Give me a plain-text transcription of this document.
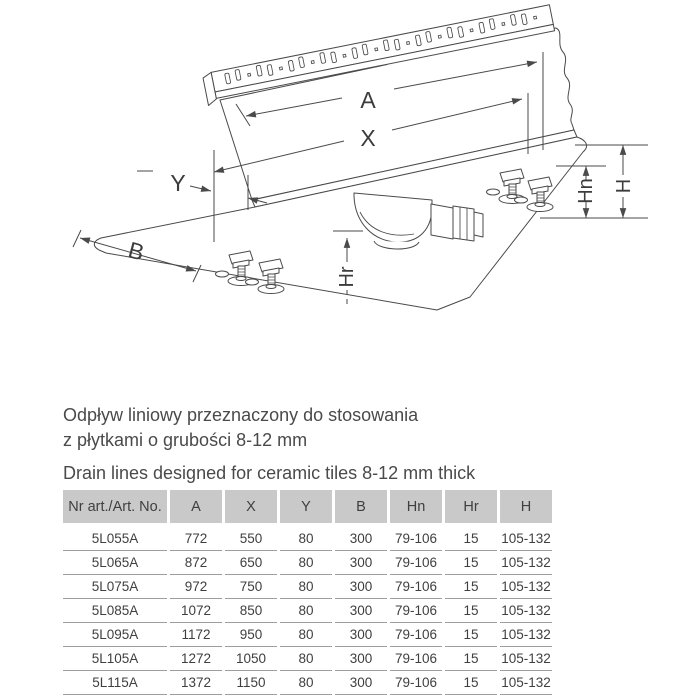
A
X
Y
B
Hr
Hn H
Odpływ liniowy przeznaczony do stosowania
z płytkami o grubości 8-12 mm
Drain lines designed for ceramic tiles 8-12 mm thick
Nr art./Art. No.	A	X	Y	B	Hn	Hr	H
5L055A	772	550	80	300	79-106	15	105-132
5L065A	872	650	80	300	79-106	15	105-132
5L075A	972	750	80	300	79-106	15	105-132
5L085A	1072	850	80	300	79-106	15	105-132
5L095A	1172	950	80	300	79-106	15	105-132
5L105A	1272	1050	80	300	79-106	15	105-132
5L115A	1372	1150	80	300	79-106	15	105-132
